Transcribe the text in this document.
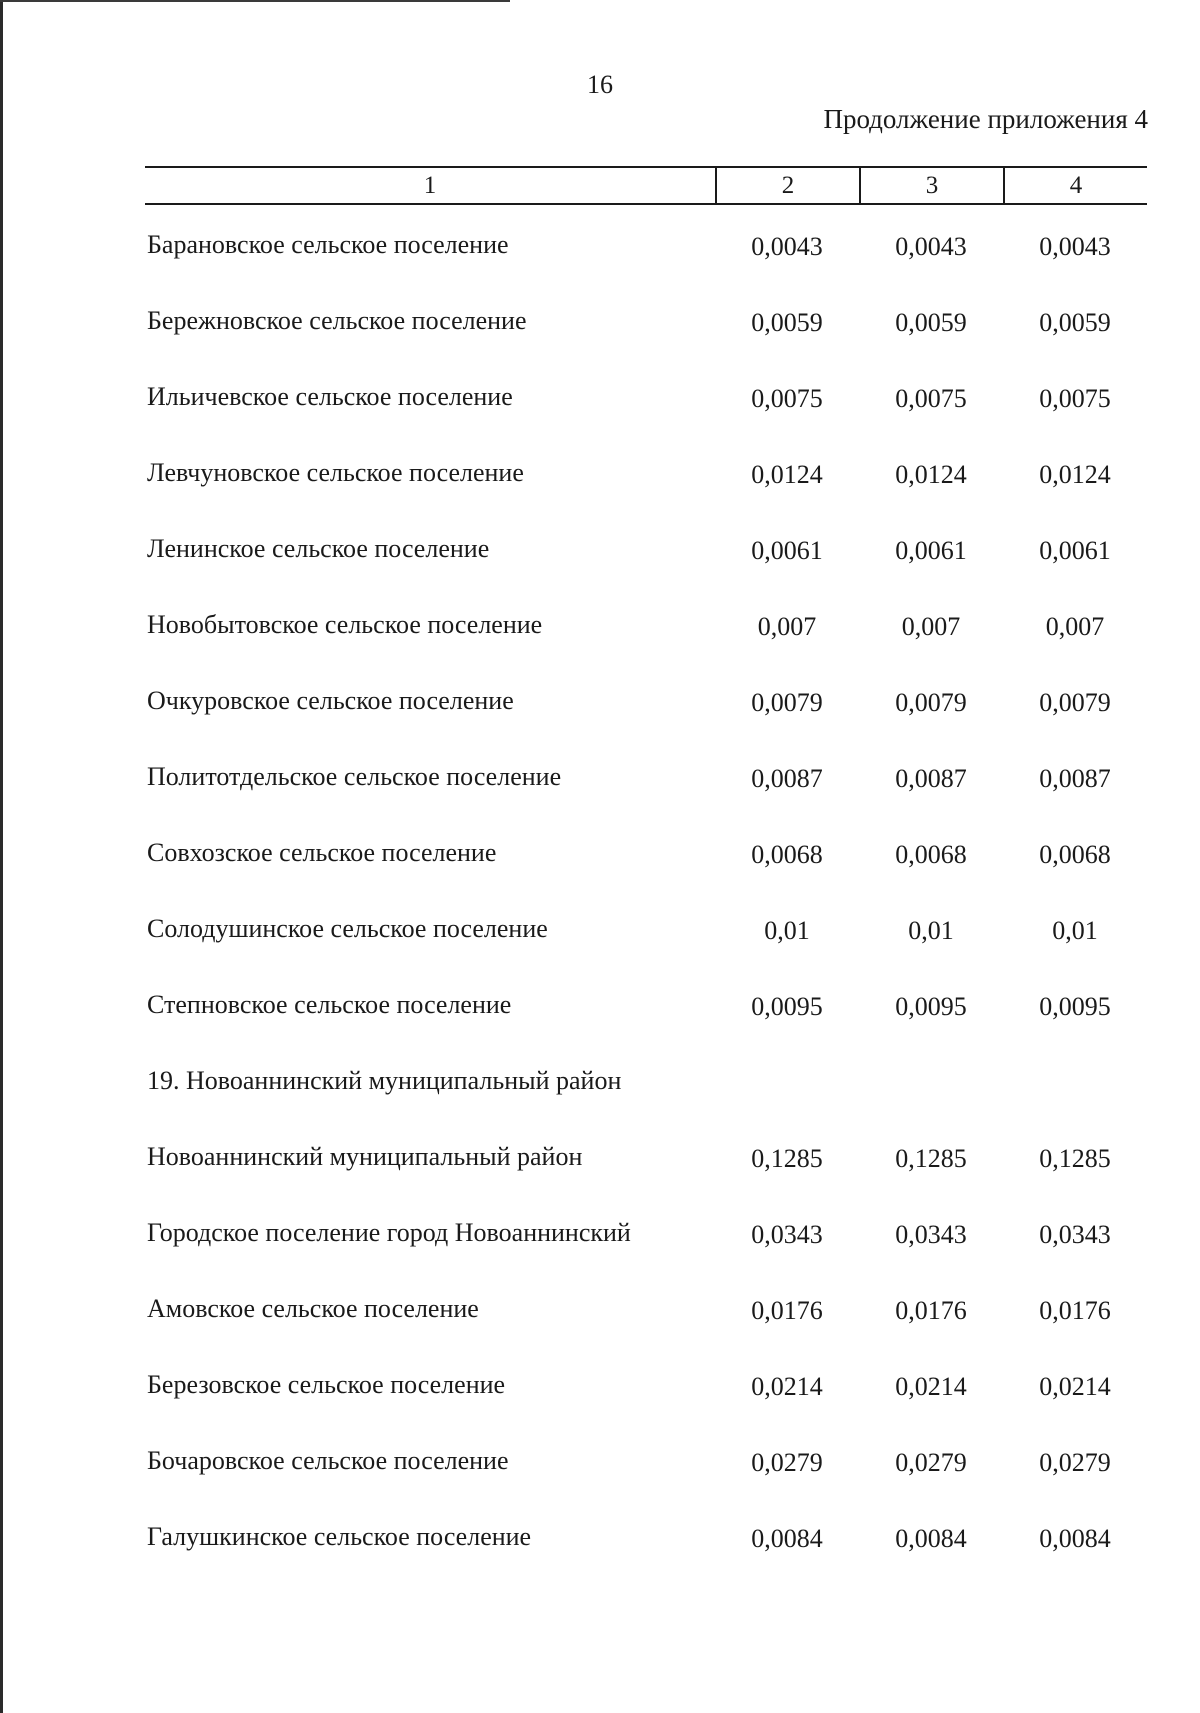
16
Продолжение приложения 4
1	2	3	4
Барановское сельское поселение	0,0043	0,0043	0,0043
Бережновское сельское поселение	0,0059	0,0059	0,0059
Ильичевское сельское поселение	0,0075	0,0075	0,0075
Левчуновское сельское поселение	0,0124	0,0124	0,0124
Ленинское сельское поселение	0,0061	0,0061	0,0061
Новобытовское сельское поселение	0,007	0,007	0,007
Очкуровское сельское поселение	0,0079	0,0079	0,0079
Политотдельское сельское поселение	0,0087	0,0087	0,0087
Совхозское сельское поселение	0,0068	0,0068	0,0068
Солодушинское сельское поселение	0,01	0,01	0,01
Степновское сельское поселение	0,0095	0,0095	0,0095
19. Новоаннинский муниципальный район
Новоаннинский муниципальный район	0,1285	0,1285	0,1285
Городское поселение город Новоаннинский	0,0343	0,0343	0,0343
Амовское сельское поселение	0,0176	0,0176	0,0176
Березовское сельское поселение	0,0214	0,0214	0,0214
Бочаровское сельское поселение	0,0279	0,0279	0,0279
Галушкинское сельское поселение	0,0084	0,0084	0,0084
